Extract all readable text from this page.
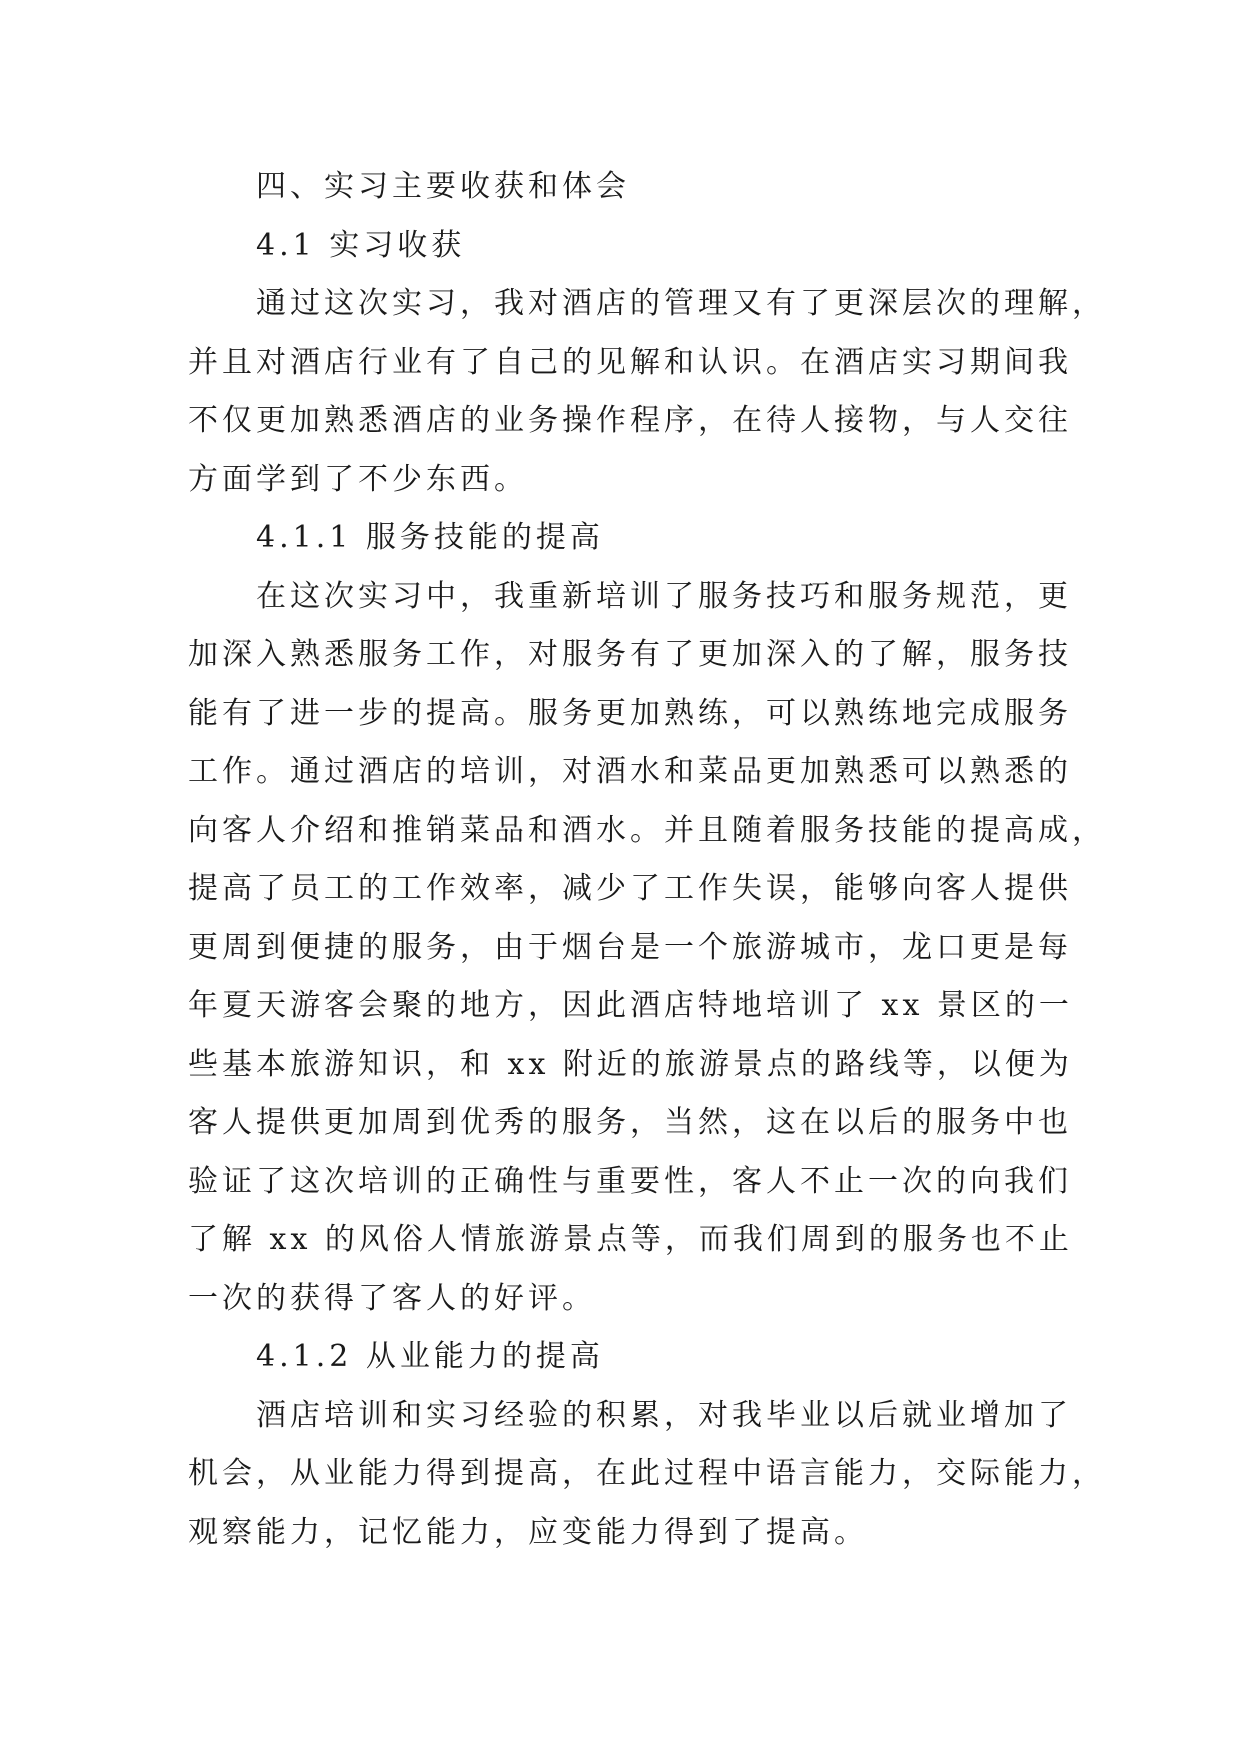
四、实习主要收获和体会
4.1 实习收获
通过这次实习，我对酒店的管理又有了更深层次的理解，
并且对酒店行业有了自己的见解和认识。在酒店实习期间我
不仅更加熟悉酒店的业务操作程序，在待人接物，与人交往
方面学到了不少东西。
4.1.1 服务技能的提高
在这次实习中，我重新培训了服务技巧和服务规范，更
加深入熟悉服务工作，对服务有了更加深入的了解，服务技
能有了进一步的提高。服务更加熟练，可以熟练地完成服务
工作。通过酒店的培训，对酒水和菜品更加熟悉可以熟悉的
向客人介绍和推销菜品和酒水。并且随着服务技能的提高成，
提高了员工的工作效率，减少了工作失误，能够向客人提供
更周到便捷的服务，由于烟台是一个旅游城市，龙口更是每
年夏天游客会聚的地方，因此酒店特地培训了 xx 景区的一
些基本旅游知识，和 xx 附近的旅游景点的路线等，以便为
客人提供更加周到优秀的服务，当然，这在以后的服务中也
验证了这次培训的正确性与重要性，客人不止一次的向我们
了解 xx 的风俗人情旅游景点等，而我们周到的服务也不止
一次的获得了客人的好评。
4.1.2 从业能力的提高
酒店培训和实习经验的积累，对我毕业以后就业增加了
机会，从业能力得到提高，在此过程中语言能力，交际能力，
观察能力，记忆能力，应变能力得到了提高。
